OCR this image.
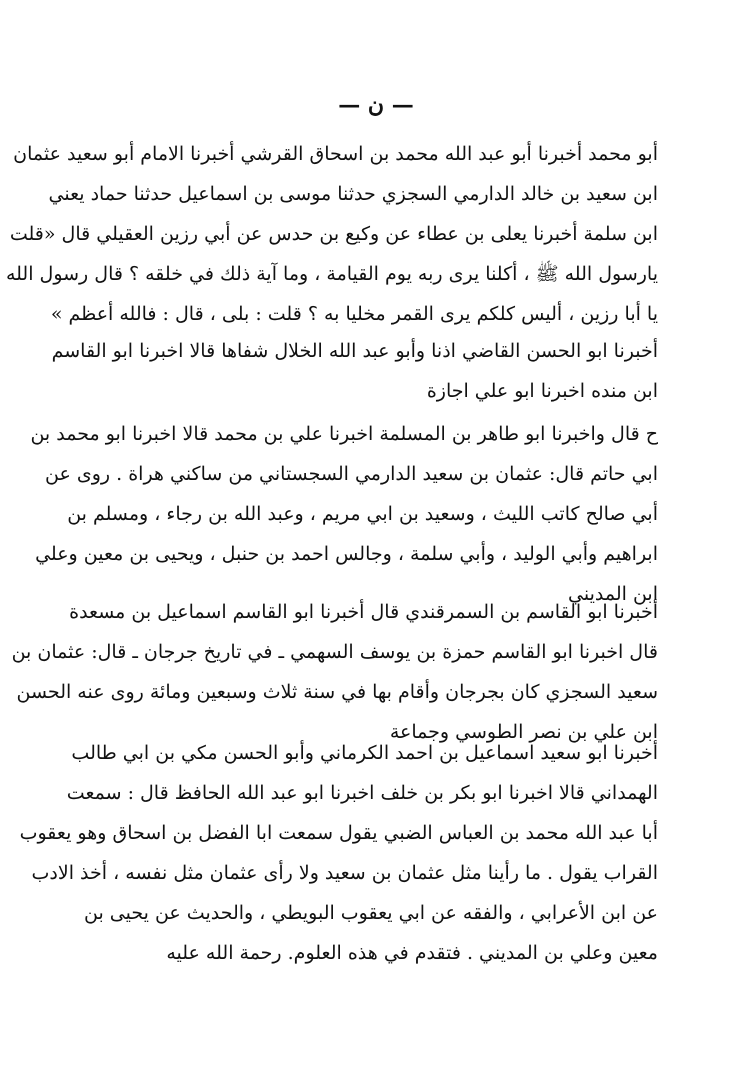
— ن —
أبو محمد أخبرنا أبو عبد الله محمد بن اسحاق القرشي أخبرنا الامام أبو سعيد عثمان
ابن سعيد بن خالد الدارمي السجزي حدثنا موسى بن اسماعيل حدثنا حماد يعني
ابن سلمة أخبرنا يعلى بن عطاء عن وكيع بن حدس عن أبي رزين العقيلي قال «قلت
يارسول الله ﷺ ، أكلنا يرى ربه يوم القيامة ، وما آية ذلك في خلقه ؟ قال رسول الله
يا أبا رزين ، أليس كلكم يرى القمر مخليا به ؟ قلت : بلى ، قال : فالله أعظم »
أخبرنا ابو الحسن القاضي اذنا وأبو عبد الله الخلال شفاها قالا اخبرنا ابو القاسم
ابن منده اخبرنا ابو علي اجازة
ح قال واخبرنا ابو طاهر بن المسلمة اخبرنا علي بن محمد قالا اخبرنا ابو محمد بن
ابي حاتم قال: عثمان بن سعيد الدارمي السجستاني من ساكني هراة . روى عن
أبي صالح كاتب الليث ، وسعيد بن ابي مريم ، وعبد الله بن رجاء ، ومسلم بن
ابراهيم وأبي الوليد ، وأبي سلمة ، وجالس احمد بن حنبل ، ويحيى بن معين وعلي
ابن المديني
أخبرنا ابو القاسم بن السمرقندي قال أخبرنا ابو القاسم اسماعيل بن مسعدة
قال اخبرنا ابو القاسم حمزة بن يوسف السهمي ـ في تاريخ جرجان ـ قال: عثمان بن
سعيد السجزي كان بجرجان وأقام بها في سنة ثلاث وسبعين ومائة روى عنه الحسن
ابن علي بن نصر الطوسي وجماعة
أخبرنا ابو سعيد اسماعيل بن احمد الكرماني وأبو الحسن مكي بن ابي طالب
الهمداني قالا اخبرنا ابو بكر بن خلف اخبرنا ابو عبد الله الحافظ قال : سمعت
أبا عبد الله محمد بن العباس الضبي يقول سمعت ابا الفضل بن اسحاق وهو يعقوب
القراب يقول . ما رأينا مثل عثمان بن سعيد ولا رأى عثمان مثل نفسه ، أخذ الادب
عن ابن الأعرابي ، والفقه عن ابي يعقوب البويطي ، والحديث عن يحيى بن
معين وعلي بن المديني . فتقدم في هذه العلوم. رحمة الله عليه
